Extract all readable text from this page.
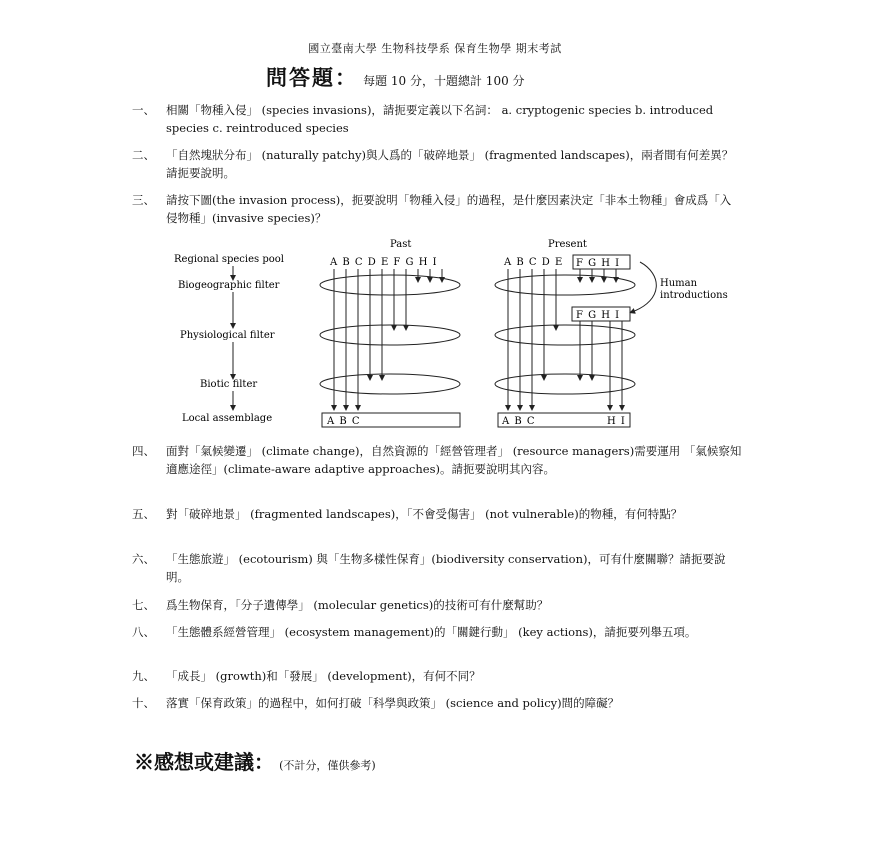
國立臺南大學 生物科技學系 保育生物學 期末考試
問答題： 每題 10 分，十題總計 100 分
一、 相關「物種入侵」 (species invasions)，請扼要定義以下名詞： a. cryptogenic species b. introduced species c. reintroduced species
二、 「自然塊狀分布」 (naturally patchy)與人爲的「破碎地景」 (fragmented landscapes)，兩者間有何差異？請扼要說明。
三、 請按下圖(the invasion process)，扼要說明「物種入侵」的過程，是什麼因素決定「非本土物種」會成爲「入侵物種」(invasive species)？
Regional species pool
Biogeographic filter
Physiological filter
Biotic filter
Local assemblage
Past
A B C D E F G H I
A B C
Present
A B C D E F G H I
F G H I
A B C	H I
Human
introductions
四、 面對「氣候變遷」 (climate change)，自然資源的「經營管理者」 (resource managers)需要運用 「氣候察知適應途徑」(climate-aware adaptive approaches)。請扼要說明其內容。
五、 對「破碎地景」 (fragmented landscapes)，「不會受傷害」 (not vulnerable)的物種，有何特點？
六、 「生態旅遊」 (ecotourism) 與「生物多樣性保育」(biodiversity conservation)，可有什麼關聯？請扼要說明。
七、 爲生物保育，「分子遺傳學」 (molecular genetics)的技術可有什麼幫助？
八、 「生態體系經營管理」 (ecosystem management)的「關鍵行動」 (key actions)，請扼要列舉五項。
九、 「成長」 (growth)和「發展」 (development)，有何不同？
十、 落實「保育政策」的過程中，如何打破「科學與政策」 (science and policy)間的障礙？
※感想或建議： (不計分，僅供參考)
